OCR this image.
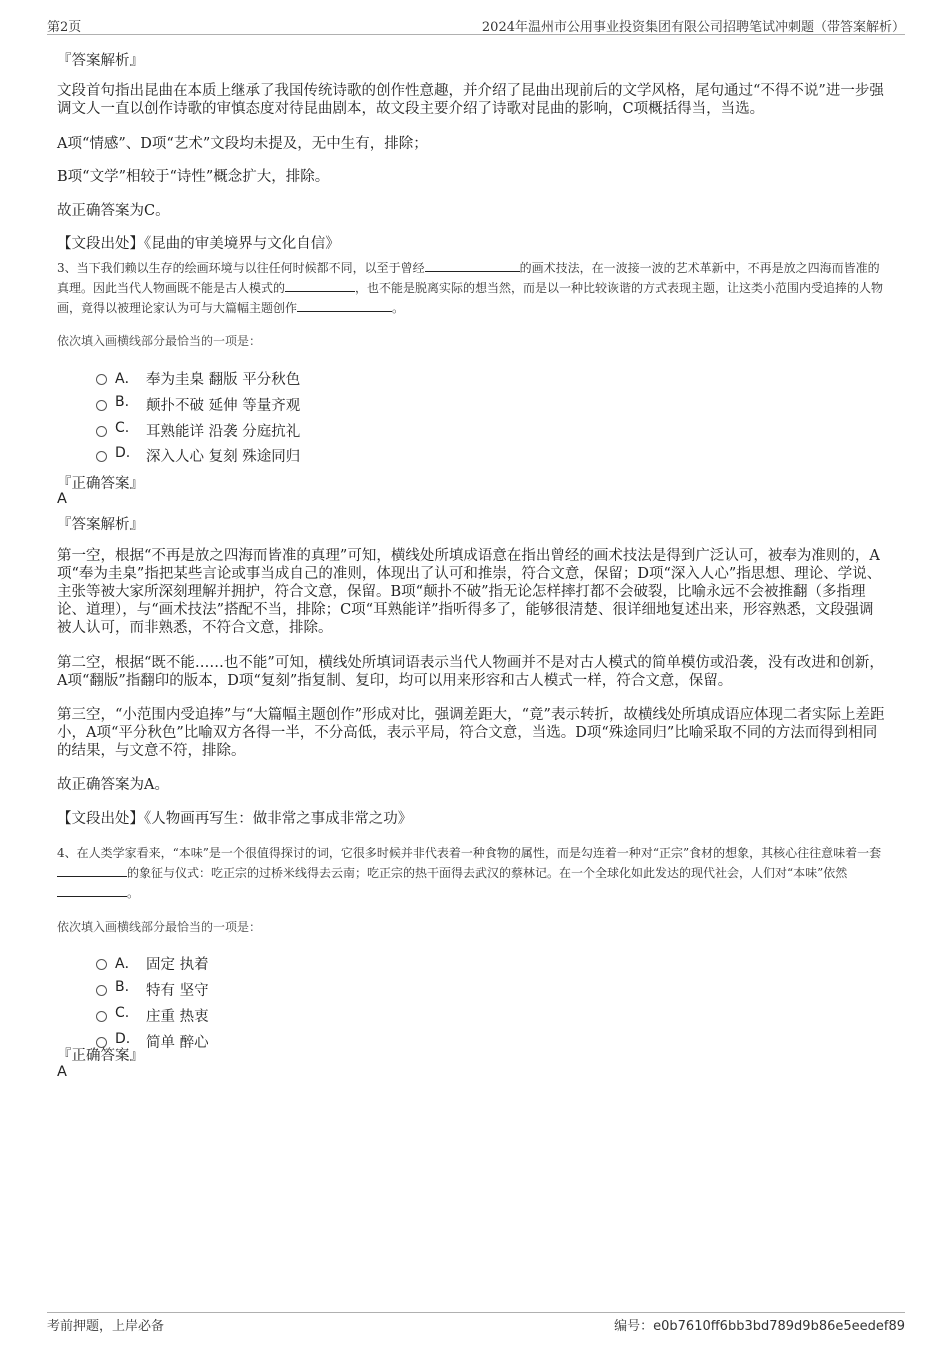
第2页	2024年温州市公用事业投资集团有限公司招聘笔试冲刺题（带答案解析）
『答案解析』
文段首句指出昆曲在本质上继承了我国传统诗歌的创作性意趣，并介绍了昆曲出现前后的文学风格，尾句通过“不得不说”进一步强调文人一直以创作诗歌的审慎态度对待昆曲剧本，故文段主要介绍了诗歌对昆曲的影响，C项概括得当，当选。
A项“情感”、D项“艺术”文段均未提及，无中生有，排除；
B项“文学”相较于“诗性”概念扩大，排除。
故正确答案为C。
【文段出处】《昆曲的审美境界与文化自信》
3、当下我们赖以生存的绘画环境与以往任何时候都不同，以至于曾经	的画术技法，在一波接一波的艺术革新中，不再是放之四海而皆准的真理。因此当代人物画既不能是古人模式的	，也不能是脱离实际的想当然，而是以一种比较诙谐的方式表现主题，让这类小范围内受追捧的人物画，竟得以被理论家认为可与大篇幅主题创作	。
依次填入画横线部分最恰当的一项是：
A． 奉为圭臬 翻版 平分秋色
B. 颠扑不破 延伸 等量齐观
C. 耳熟能详 沿袭 分庭抗礼
D. 深入人心 复刻 殊途同归
『正确答案』
A
『答案解析』
第一空，根据“不再是放之四海而皆准的真理”可知，横线处所填成语意在指出曾经的画术技法是得到广泛认可，被奉为准则的，A项“奉为圭臬”指把某些言论或事当成自己的准则，体现出了认可和推崇，符合文意，保留；D项“深入人心”指思想、理论、学说、主张等被大家所深刻理解并拥护，符合文意，保留。B项“颠扑不破”指无论怎样摔打都不会破裂，比喻永远不会被推翻（多指理论、道理），与“画术技法”搭配不当，排除；C项“耳熟能详”指听得多了，能够很清楚、很详细地复述出来，形容熟悉，文段强调被人认可，而非熟悉，不符合文意，排除。
第二空，根据“既不能……也不能”可知，横线处所填词语表示当代人物画并不是对古人模式的简单模仿或沿袭，没有改进和创新，A项“翻版”指翻印的版本，D项“复刻”指复制、复印，均可以用来形容和古人模式一样，符合文意，保留。
第三空，“小范围内受追捧”与“大篇幅主题创作”形成对比，强调差距大，“竟”表示转折，故横线处所填成语应体现二者实际上差距小，A项“平分秋色”比喻双方各得一半，不分高低，表示平局，符合文意，当选。D项“殊途同归”比喻采取不同的方法而得到相同的结果，与文意不符，排除。
故正确答案为A。
【文段出处】《人物画再写生：做非常之事成非常之功》
4、在人类学家看来，“本味”是一个很值得探讨的词，它很多时候并非代表着一种食物的属性，而是勾连着一种对“正宗”食材的想象，其核心往往意味着一套的象征与仪式：吃正宗的过桥米线得去云南；吃正宗的热干面得去武汉的蔡林记。在一个全球化如此发达的现代社会，人们对“本味”依然。
依次填入画横线部分最恰当的一项是：
A． 固定 执着
B. 特有 坚守
C. 庄重 热衷
D. 简单 醉心
『正确答案』
A
考前押题，上岸必备	编号：e0b7610ff6bb3bd789d9b86e5eedef89
